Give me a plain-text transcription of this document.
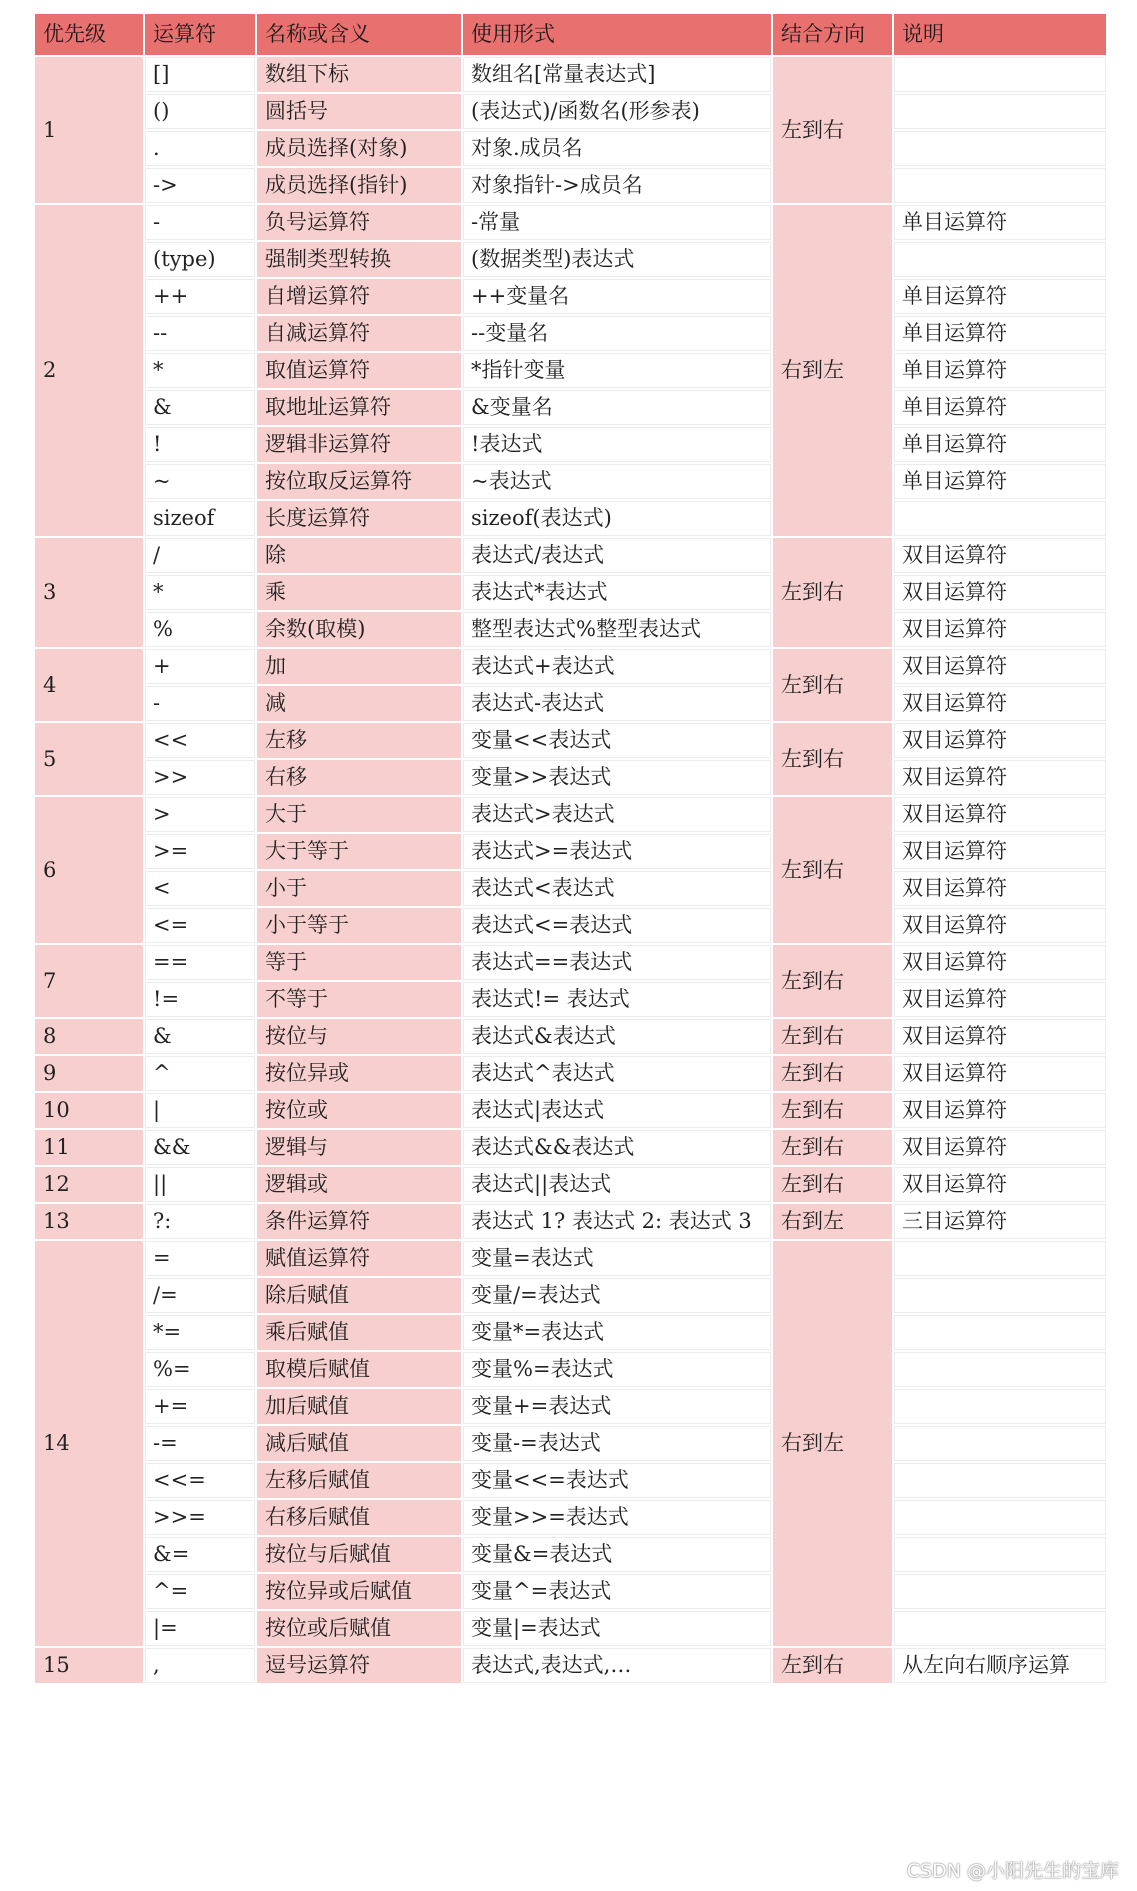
优先级	运算符	名称或含义	使用形式	结合方向	说明
1	[]	数组下标	数组名[常量表达式]	左到右	
	()	圆括号	(表达式)/函数名(形参表)		
	.	成员选择(对象)	对象.成员名		
	->	成员选择(指针)	对象指针->成员名		
2	-	负号运算符	-常量	右到左	单目运算符
	(type)	强制类型转换	(数据类型)表达式		
	++	自增运算符	++变量名		单目运算符
	--	自减运算符	--变量名		单目运算符
	*	取值运算符	*指针变量		单目运算符
	&	取地址运算符	&变量名		单目运算符
	!	逻辑非运算符	!表达式		单目运算符
	~	按位取反运算符	~表达式		单目运算符
	sizeof	长度运算符	sizeof(表达式)		
3	/	除	表达式/表达式	左到右	双目运算符
	*	乘	表达式*表达式		双目运算符
	%	余数(取模)	整型表达式%整型表达式		双目运算符
4	+	加	表达式+表达式	左到右	双目运算符
	-	减	表达式-表达式		双目运算符
5	<<	左移	变量<<表达式	左到右	双目运算符
	>>	右移	变量>>表达式		双目运算符
6	>	大于	表达式>表达式	左到右	双目运算符
	>=	大于等于	表达式>=表达式		双目运算符
	<	小于	表达式<表达式		双目运算符
	<=	小于等于	表达式<=表达式		双目运算符
7	==	等于	表达式==表达式	左到右	双目运算符
	!=	不等于	表达式!= 表达式		双目运算符
8	&	按位与	表达式&表达式	左到右	双目运算符
9	^	按位异或	表达式^表达式	左到右	双目运算符
10	|	按位或	表达式|表达式	左到右	双目运算符
11	&&	逻辑与	表达式&&表达式	左到右	双目运算符
12	||	逻辑或	表达式||表达式	左到右	双目运算符
13	?:	条件运算符	表达式 1? 表达式 2: 表达式 3	右到左	三目运算符
14	=	赋值运算符	变量=表达式	右到左	
	/=	除后赋值	变量/=表达式		
	*=	乘后赋值	变量*=表达式		
	%=	取模后赋值	变量%=表达式		
	+=	加后赋值	变量+=表达式		
	-=	减后赋值	变量-=表达式		
	<<=	左移后赋值	变量<<=表达式		
	>>=	右移后赋值	变量>>=表达式		
	&=	按位与后赋值	变量&=表达式		
	^=	按位异或后赋值	变量^=表达式		
	|=	按位或后赋值	变量|=表达式		
15	,	逗号运算符	表达式,表达式,…	左到右	从左向右顺序运算
CSDN @小阳先生的宝库
